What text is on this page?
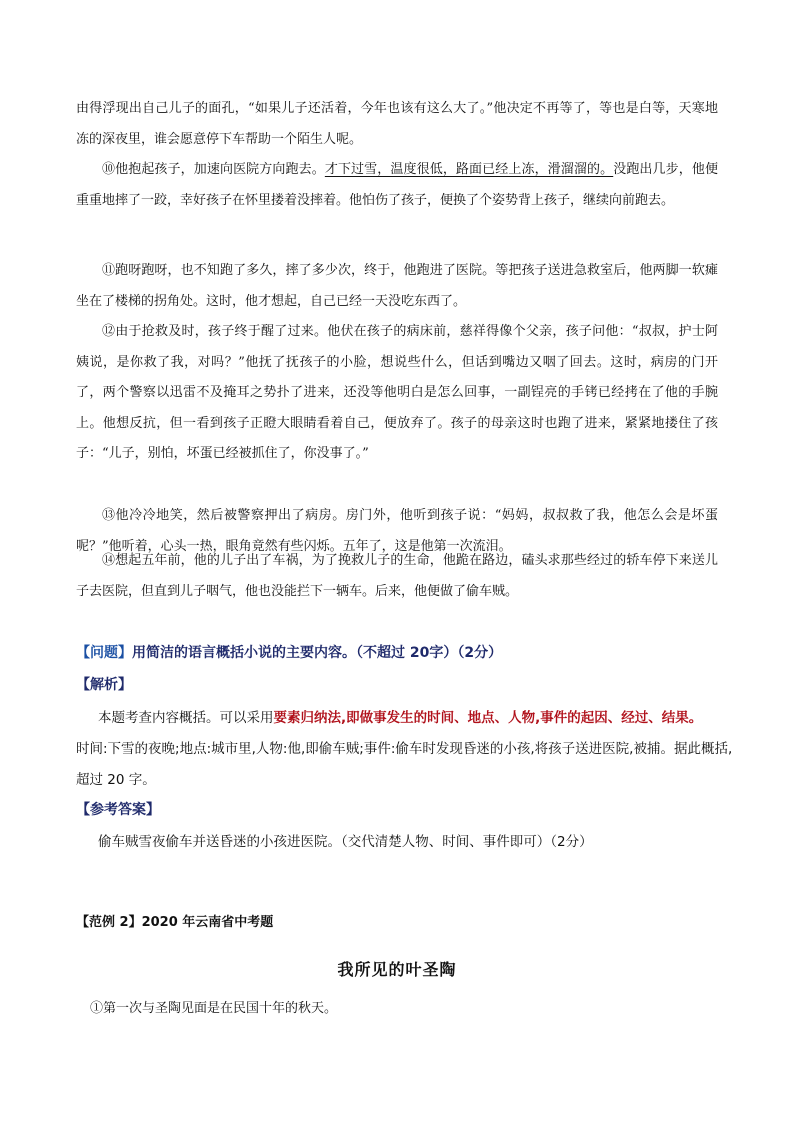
由得浮现出自己儿子的面孔，“如果儿子还活着，今年也该有这么大了。”他决定不再等了，等也是白等，天寒地冻的深夜里，谁会愿意停下车帮助一个陌生人呢。

⑩他抱起孩子，加速向医院方向跑去。才下过雪，温度很低，路面已经上冻，滑溜溜的。没跑出几步，他便重重地摔了一跤，幸好孩子在怀里搂着没摔着。他怕伤了孩子，便换了个姿势背上孩子，继续向前跑去。

⑪跑呀跑呀，也不知跑了多久，摔了多少次，终于，他跑进了医院。等把孩子送进急救室后，他两脚一软瘫坐在了楼梯的拐角处。这时，他才想起，自己已经一天没吃东西了。

⑫由于抢救及时，孩子终于醒了过来。他伏在孩子的病床前，慈祥得像个父亲，孩子问他：“叔叔，护士阿姨说，是你救了我，对吗？”他抚了抚孩子的小脸，想说些什么，但话到嘴边又咽了回去。这时，病房的门开了，两个警察以迅雷不及掩耳之势扑了进来，还没等他明白是怎么回事，一副锃亮的手铐已经拷在了他的手腕上。他想反抗，但一看到孩子正瞪大眼睛看着自己，便放弃了。孩子的母亲这时也跑了进来，紧紧地搂住了孩子：“儿子，别怕，坏蛋已经被抓住了，你没事了。”

⑬他冷冷地笑，然后被警察押出了病房。房门外，他听到孩子说：“妈妈，叔叔救了我，他怎么会是坏蛋呢？”他听着，心头一热，眼角竟然有些闪烁。五年了，这是他第一次流泪。

⑭想起五年前，他的儿子出了车祸，为了挽救儿子的生命，他跪在路边，磕头求那些经过的轿车停下来送儿子去医院，但直到儿子咽气，他也没能拦下一辆车。后来，他便做了偷车贼。

【问题】用简洁的语言概括小说的主要内容。（不超过 20字）（2分）

【解析】

本题考查内容概括。可以采用要素归纳法,即做事发生的时间、地点、人物,事件的起因、经过、结果。

时间:下雪的夜晚;地点:城市里,人物:他,即偷车贼;事件:偷车时发现昏迷的小孩,将孩子送进医院,被捕。据此概括,超过 20 字。

【参考答案】

偷车贼雪夜偷车并送昏迷的小孩进医院。（交代清楚人物、时间、事件即可）（2分）

【范例 2】2020 年云南省中考题

我所见的叶圣陶

①第一次与圣陶见面是在民国十年的秋天。
